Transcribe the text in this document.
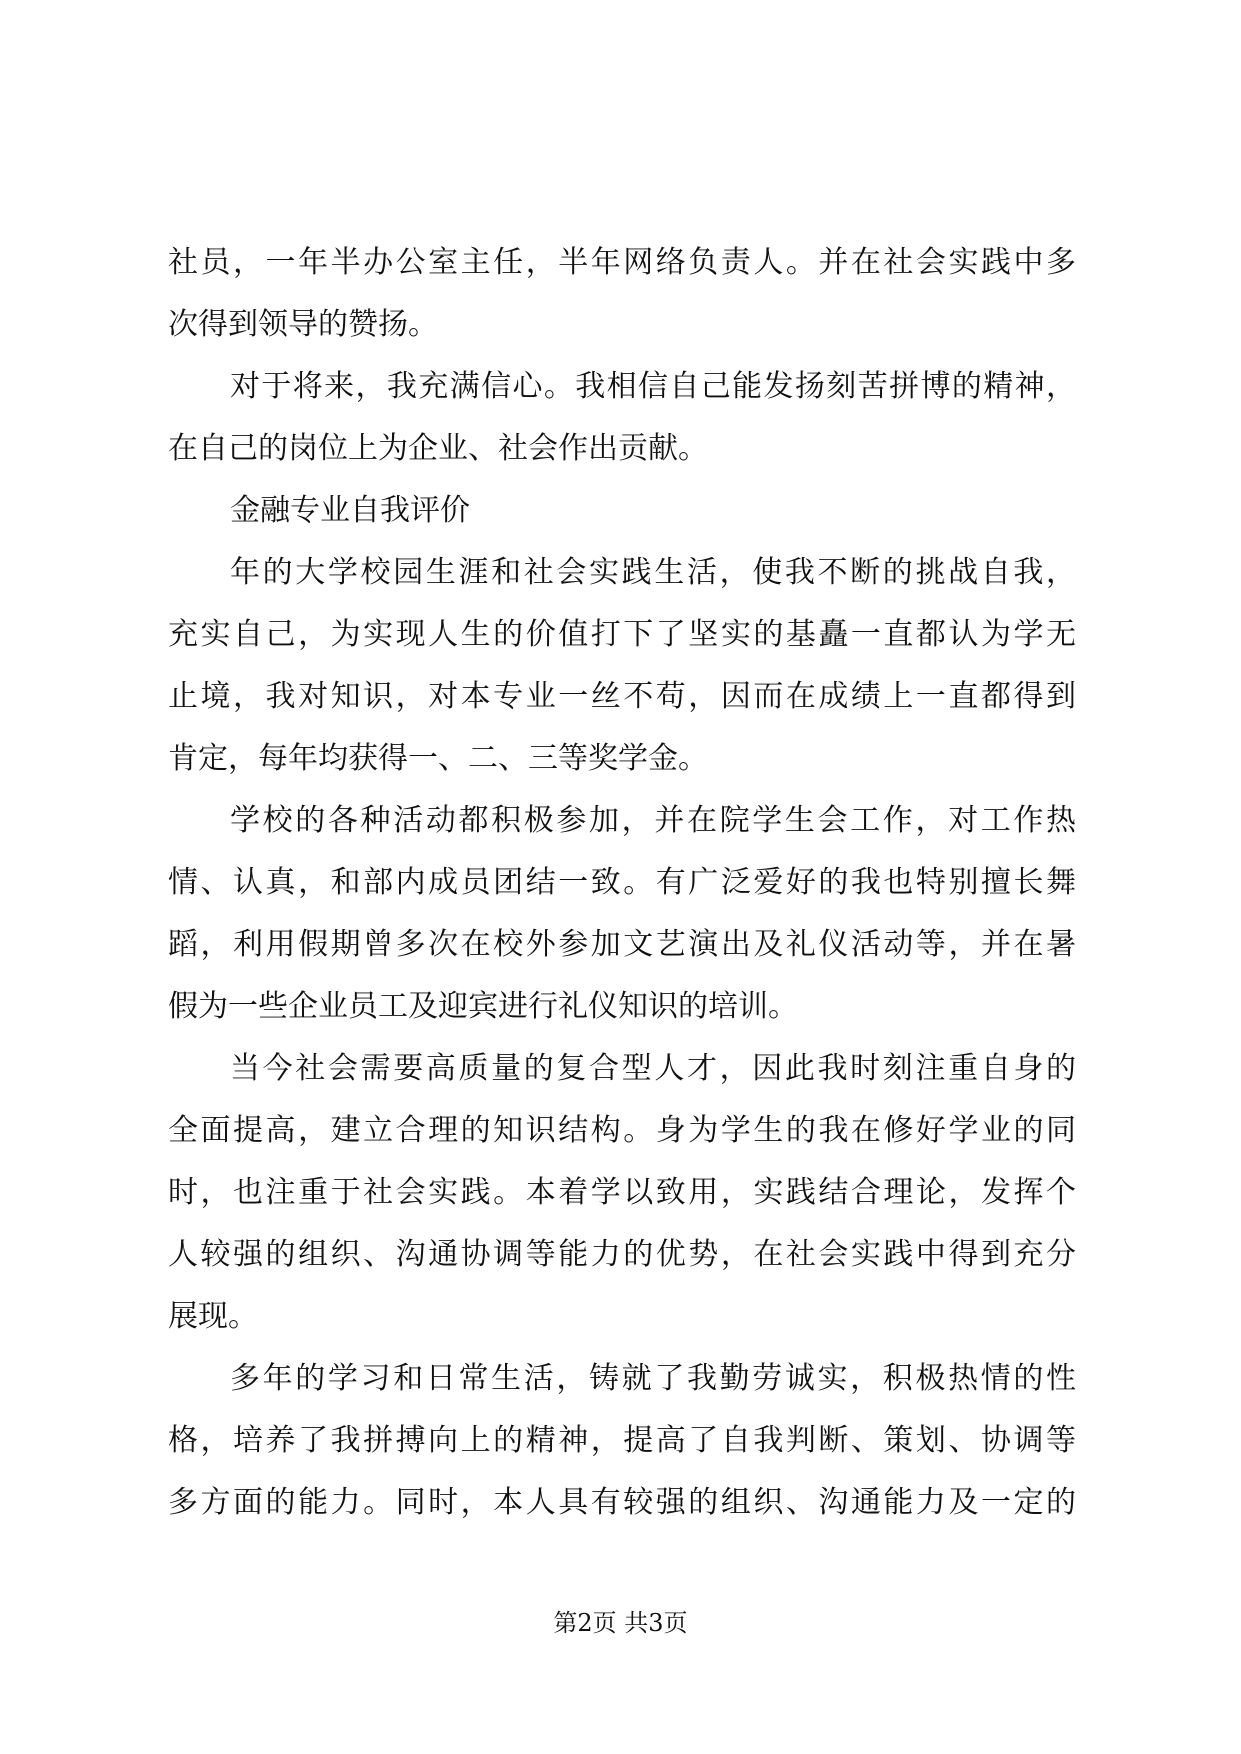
社员，一年半办公室主任，半年网络负责人。并在社会实践中多
次得到领导的赞扬。
对于将来，我充满信心。我相信自己能发扬刻苦拼博的精神，
在自己的岗位上为企业、社会作出贡献。
金融专业自我评价
年的大学校园生涯和社会实践生活，使我不断的挑战自我，
充实自己，为实现人生的价值打下了坚实的基矗一直都认为学无
止境，我对知识，对本专业一丝不苟，因而在成绩上一直都得到
肯定，每年均获得一、二、三等奖学金。
学校的各种活动都积极参加，并在院学生会工作，对工作热
情、认真，和部内成员团结一致。有广泛爱好的我也特别擅长舞
蹈，利用假期曾多次在校外参加文艺演出及礼仪活动等，并在暑
假为一些企业员工及迎宾进行礼仪知识的培训。
当今社会需要高质量的复合型人才，因此我时刻注重自身的
全面提高，建立合理的知识结构。身为学生的我在修好学业的同
时，也注重于社会实践。本着学以致用，实践结合理论，发挥个
人较强的组织、沟通协调等能力的优势，在社会实践中得到充分
展现。
多年的学习和日常生活，铸就了我勤劳诚实，积极热情的性
格，培养了我拼搏向上的精神，提高了自我判断、策划、协调等
多方面的能力。同时，本人具有较强的组织、沟通能力及一定的
第2页 共3页
